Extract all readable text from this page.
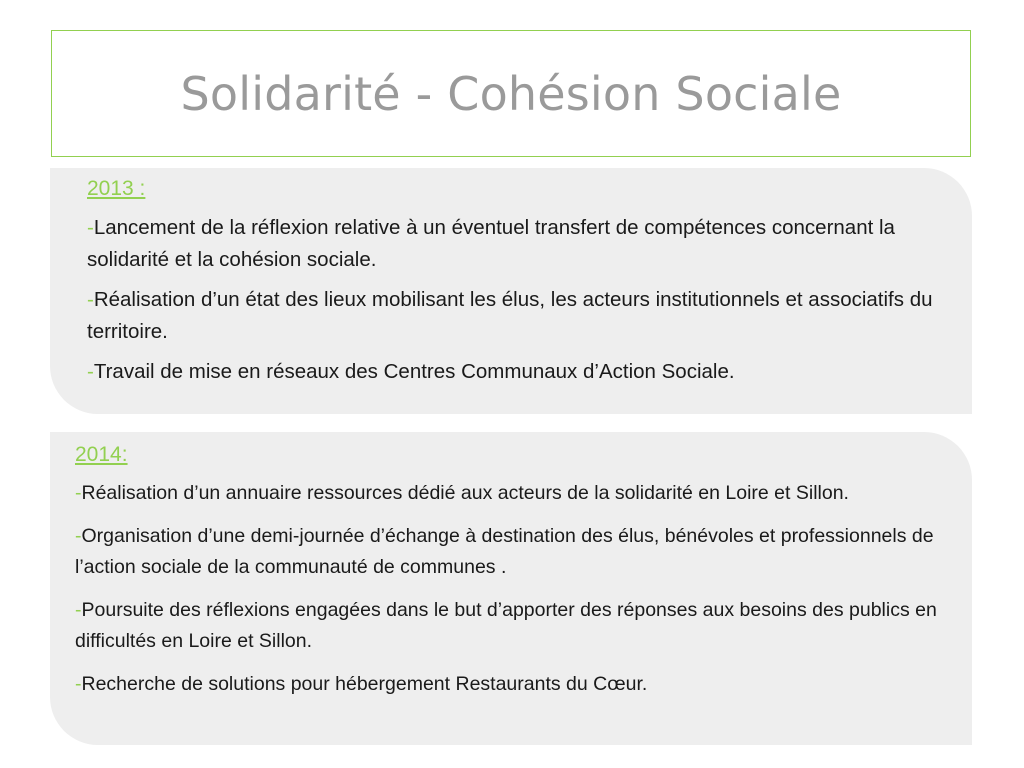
Solidarité - Cohésion Sociale
2013 :

-Lancement de la réflexion relative à un éventuel transfert de compétences concernant la solidarité et la cohésion sociale.

-Réalisation d’un état des lieux mobilisant les élus, les acteurs institutionnels et associatifs du territoire.

-Travail de mise en réseaux des Centres Communaux d’Action Sociale.

2014:

-Réalisation d’un annuaire ressources dédié aux acteurs de la solidarité en Loire et Sillon.

-Organisation d’une demi-journée d’échange à destination des élus, bénévoles et professionnels de l’action sociale de la communauté de communes .

-Poursuite des réflexions engagées dans le but d’apporter des réponses aux besoins des publics en difficultés en Loire et Sillon.

-Recherche de solutions pour hébergement Restaurants du Cœur.
